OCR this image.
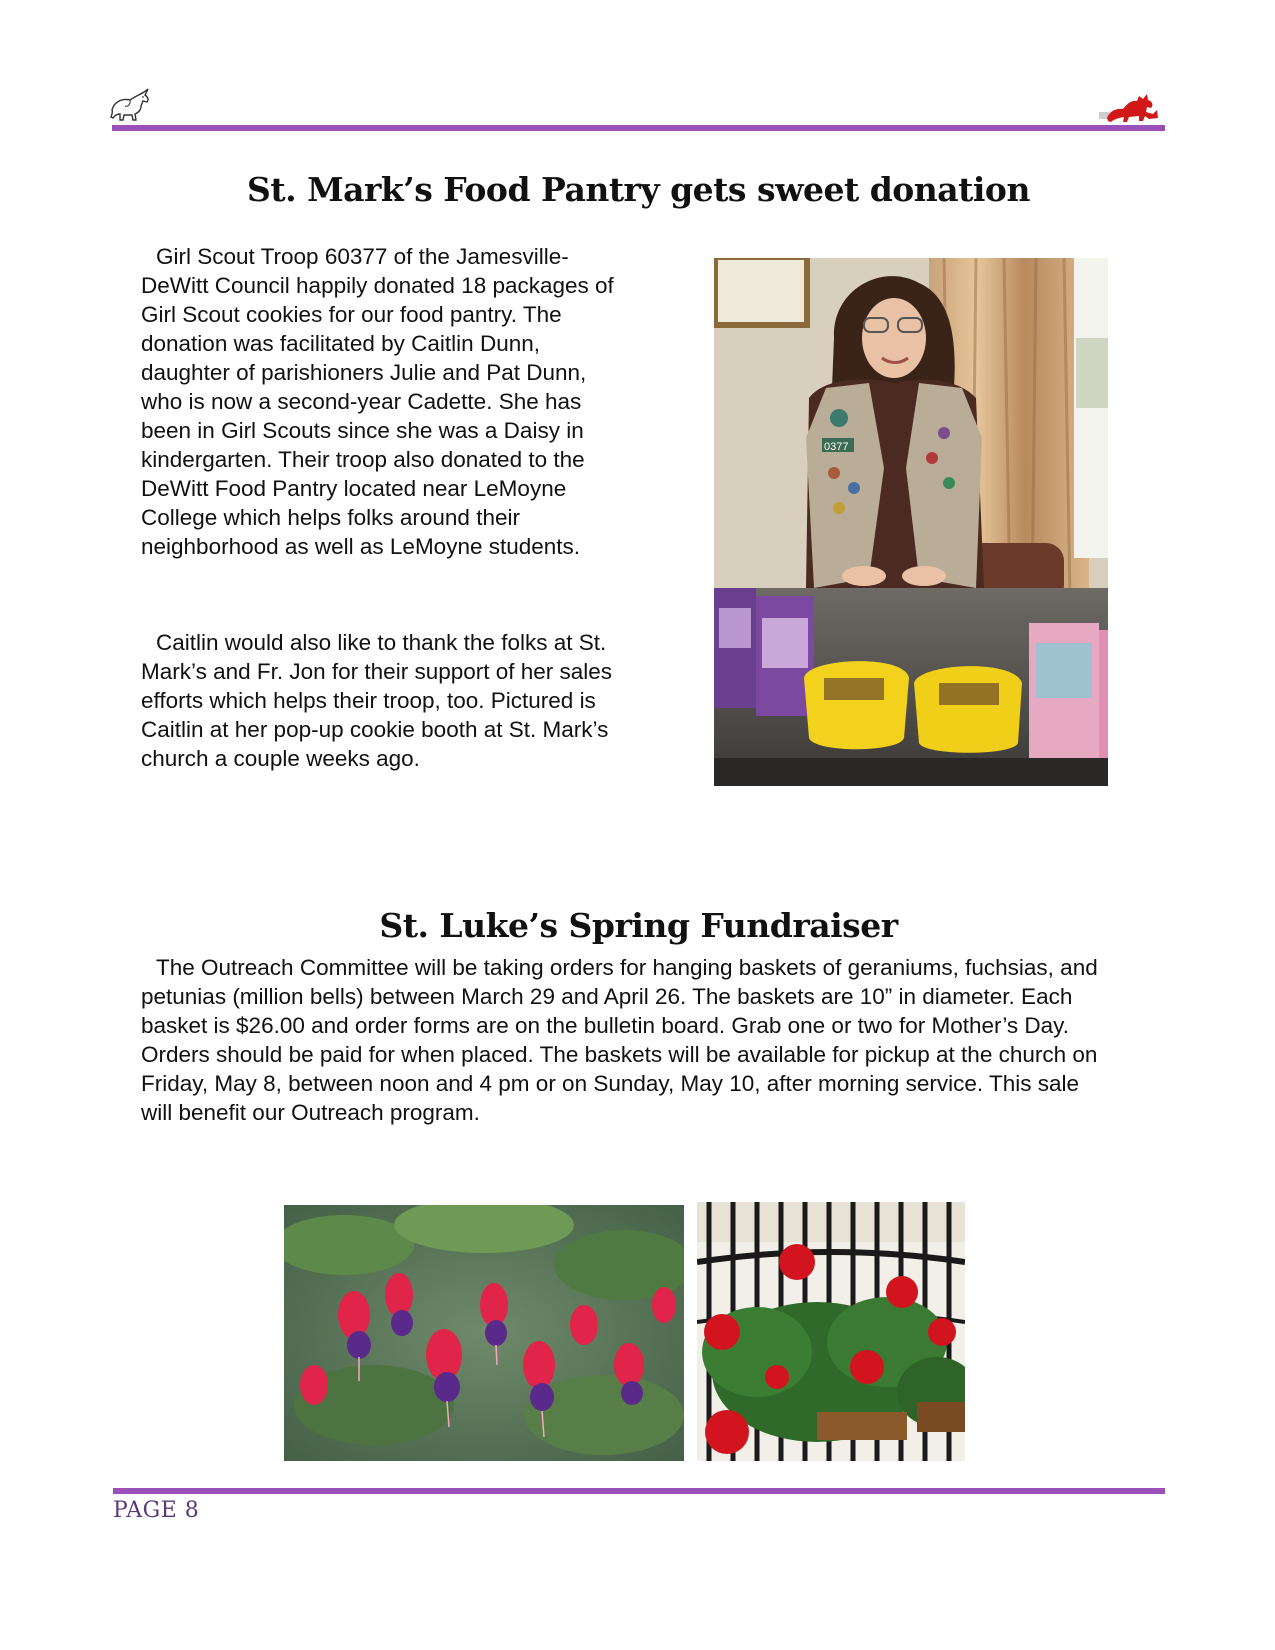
St. Mark’s Food Pantry gets sweet donation

Girl Scout Troop 60377 of the Jamesville-DeWitt Council happily donated 18 packages of Girl Scout cookies for our food pantry. The donation was facilitated by Caitlin Dunn, daughter of parishioners Julie and Pat Dunn, who is now a second-year Cadette. She has been in Girl Scouts since she was a Daisy in kindergarten. Their troop also donated to the DeWitt Food Pantry located near LeMoyne College which helps folks around their neighborhood as well as LeMoyne students.

Caitlin would also like to thank the folks at St. Mark’s and Fr. Jon for their support of her sales efforts which helps their troop, too. Pictured is Caitlin at her pop-up cookie booth at St. Mark’s church a couple weeks ago.

0377
St. Luke’s Spring Fundraiser

The Outreach Committee will be taking orders for hanging baskets of geraniums, fuchsias, and petunias (million bells) between March 29 and April 26. The baskets are 10” in diameter. Each basket is $26.00 and order forms are on the bulletin board. Grab one or two for Mother’s Day. Orders should be paid for when placed. The baskets will be available for pickup at the church on Friday, May 8, between noon and 4 pm or on Sunday, May 10, after morning service. This sale will benefit our Outreach program.

PAGE 8
